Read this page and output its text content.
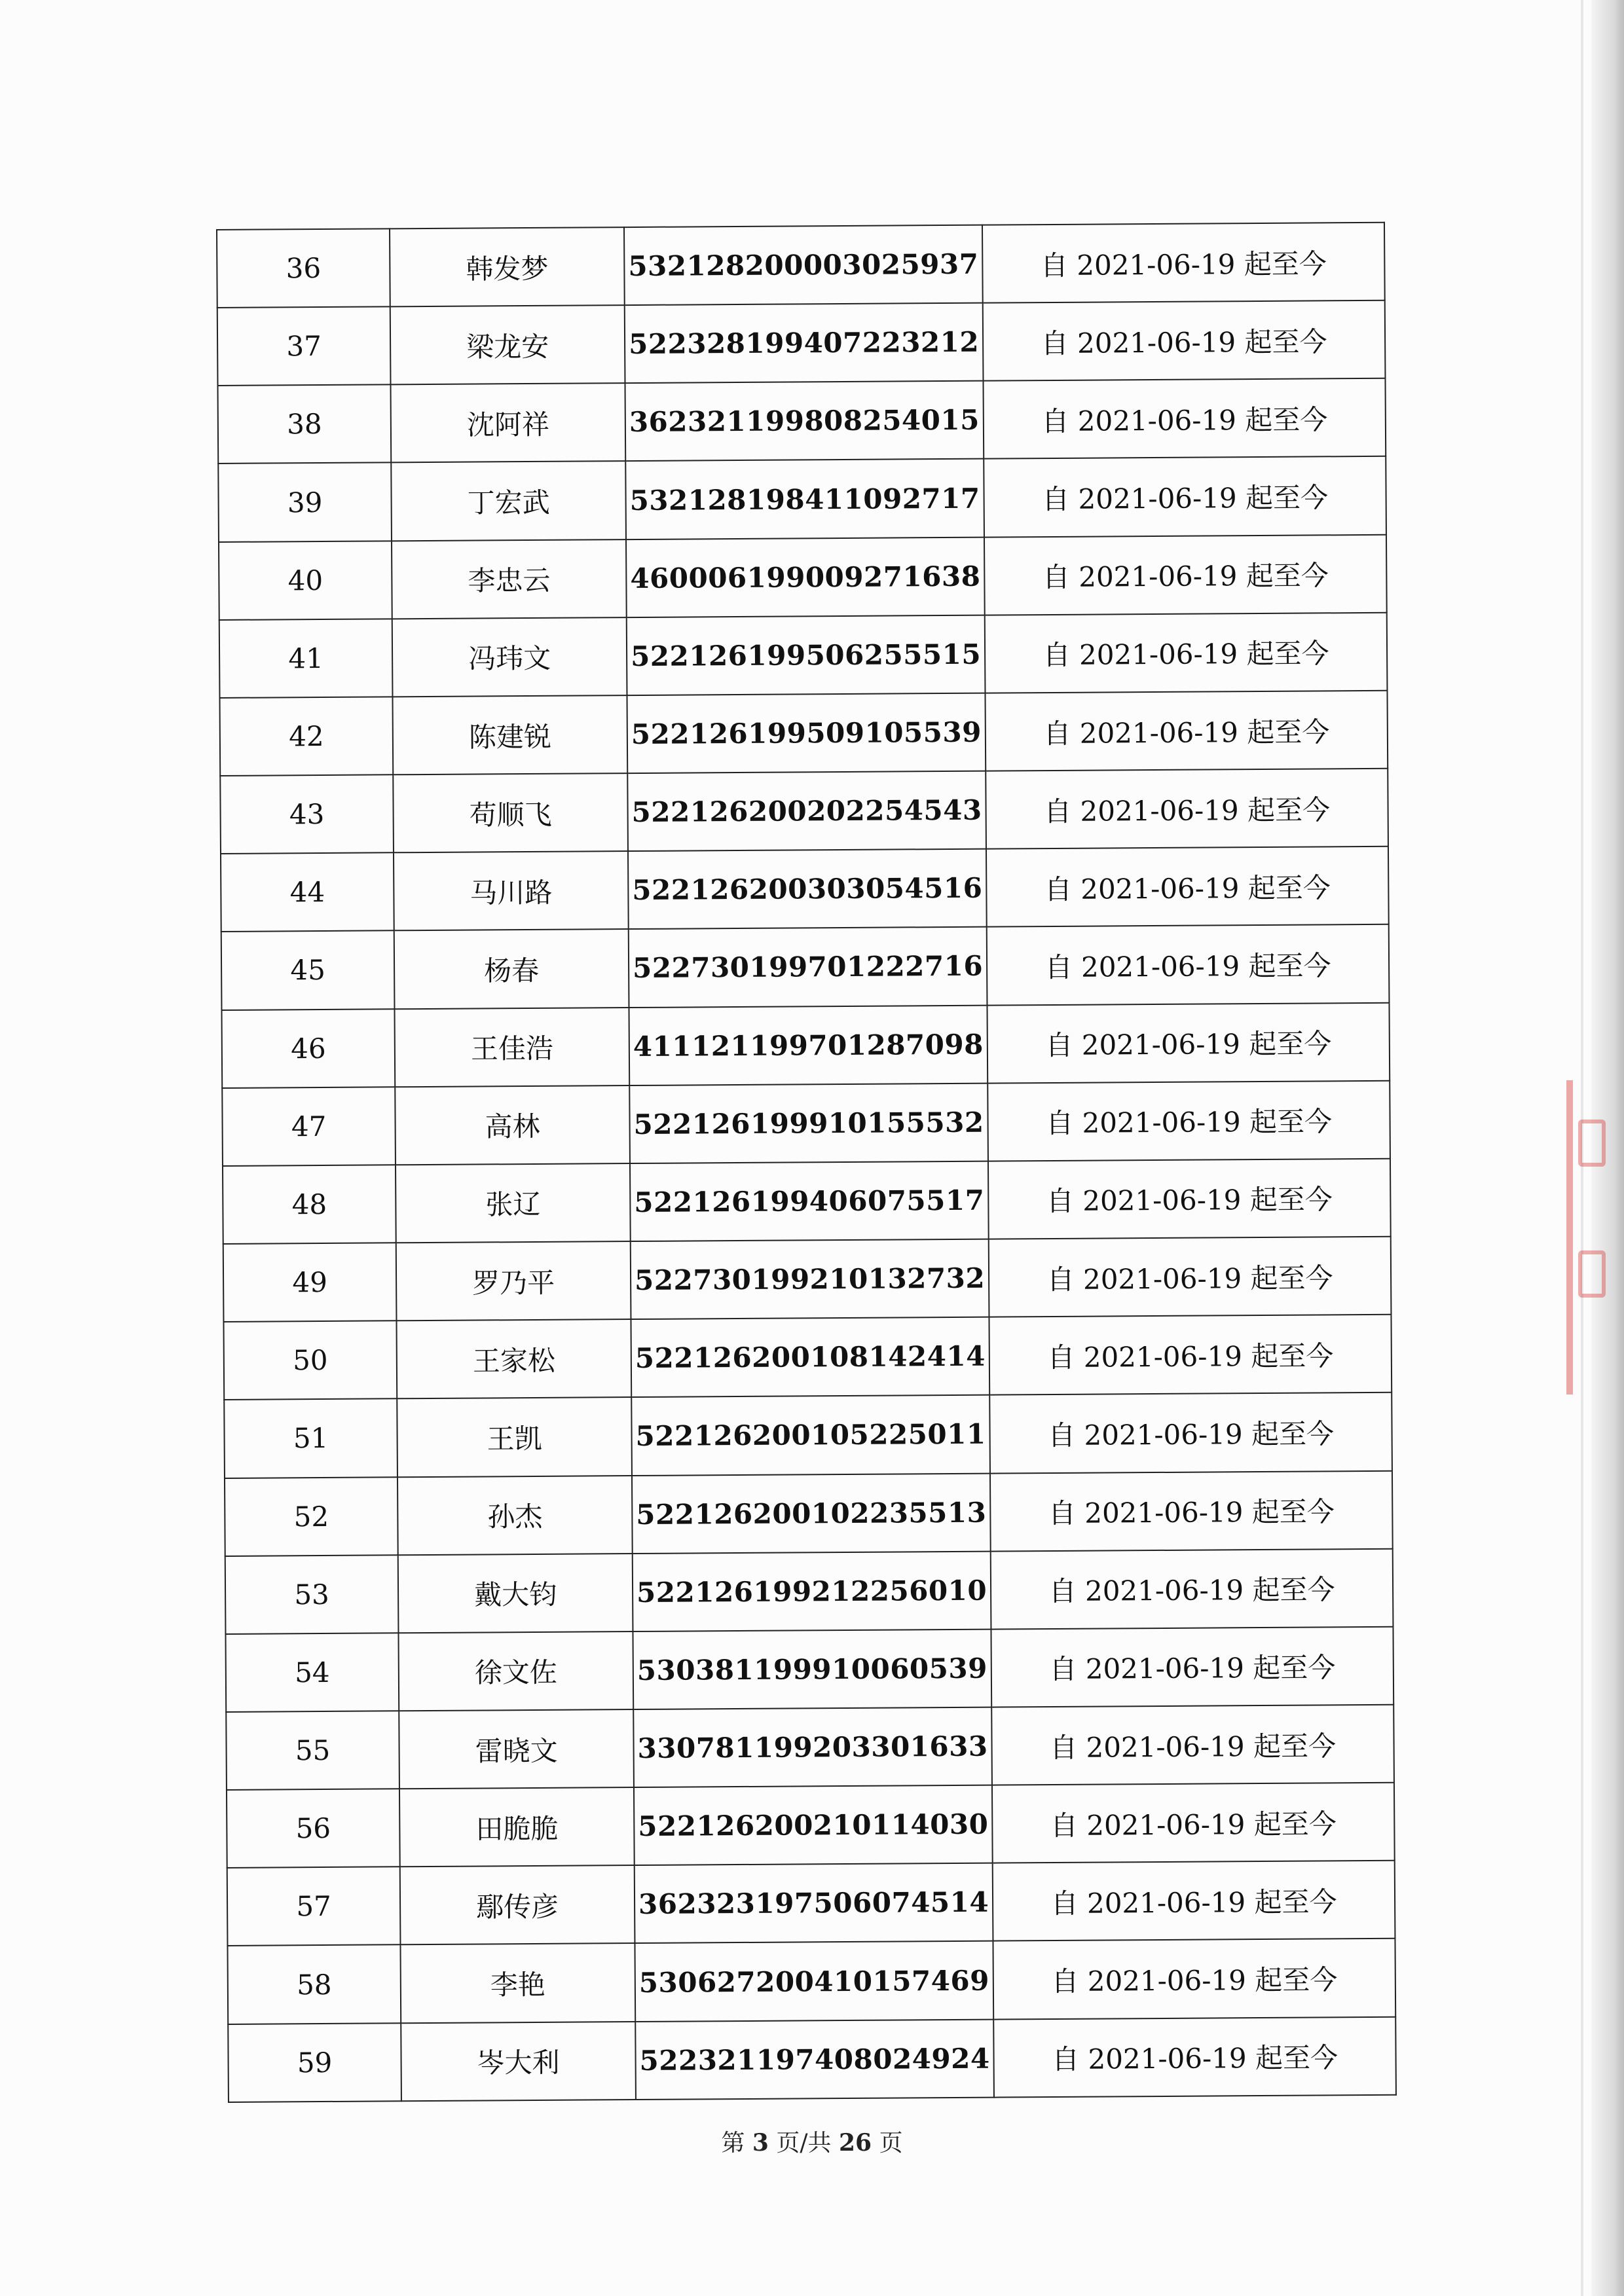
36	韩发梦	532128200003025937	自 2021-06-19 起至今
37	梁龙安	522328199407223212	自 2021-06-19 起至今
38	沈阿祥	362321199808254015	自 2021-06-19 起至今
39	丁宏武	532128198411092717	自 2021-06-19 起至今
40	李忠云	460006199009271638	自 2021-06-19 起至今
41	冯玮文	522126199506255515	自 2021-06-19 起至今
42	陈建锐	522126199509105539	自 2021-06-19 起至今
43	苟顺飞	522126200202254543	自 2021-06-19 起至今
44	马川路	522126200303054516	自 2021-06-19 起至今
45	杨春	522730199701222716	自 2021-06-19 起至今
46	王佳浩	411121199701287098	自 2021-06-19 起至今
47	高林	522126199910155532	自 2021-06-19 起至今
48	张辽	522126199406075517	自 2021-06-19 起至今
49	罗乃平	522730199210132732	自 2021-06-19 起至今
50	王家松	522126200108142414	自 2021-06-19 起至今
51	王凯	522126200105225011	自 2021-06-19 起至今
52	孙杰	522126200102235513	自 2021-06-19 起至今
53	戴大钧	522126199212256010	自 2021-06-19 起至今
54	徐文佐	530381199910060539	自 2021-06-19 起至今
55	雷晓文	330781199203301633	自 2021-06-19 起至今
56	田脆脆	522126200210114030	自 2021-06-19 起至今
57	鄢传彦	362323197506074514	自 2021-06-19 起至今
58	李艳	530627200410157469	自 2021-06-19 起至今
59	岑大利	522321197408024924	自 2021-06-19 起至今
第 3 页/共 26 页
